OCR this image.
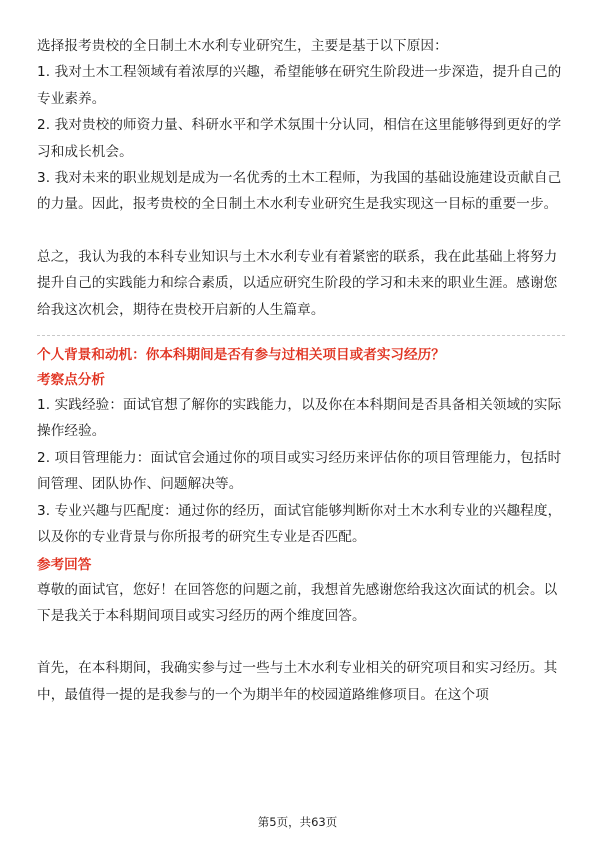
选择报考贵校的全日制土木水利专业研究生，主要是基于以下原因：

1. 我对土木工程领域有着浓厚的兴趣，希望能够在研究生阶段进一步深造，提升自己的专业素养。

2. 我对贵校的师资力量、科研水平和学术氛围十分认同，相信在这里能够得到更好的学习和成长机会。

3. 我对未来的职业规划是成为一名优秀的土木工程师，为我国的基础设施建设贡献自己的力量。因此，报考贵校的全日制土木水利专业研究生是我实现这一目标的重要一步。

总之，我认为我的本科专业知识与土木水利专业有着紧密的联系，我在此基础上将努力提升自己的实践能力和综合素质，以适应研究生阶段的学习和未来的职业生涯。感谢您给我这次机会，期待在贵校开启新的人生篇章。

个人背景和动机：你本科期间是否有参与过相关项目或者实习经历？

考察点分析

1. 实践经验：面试官想了解你的实践能力，以及你在本科期间是否具备相关领域的实际操作经验。

2. 项目管理能力：面试官会通过你的项目或实习经历来评估你的项目管理能力，包括时间管理、团队协作、问题解决等。

3. 专业兴趣与匹配度：通过你的经历，面试官能够判断你对土木水利专业的兴趣程度，以及你的专业背景与你所报考的研究生专业是否匹配。

参考回答

尊敬的面试官，您好！在回答您的问题之前，我想首先感谢您给我这次面试的机会。以下是我关于本科期间项目或实习经历的两个维度回答。

首先，在本科期间，我确实参与过一些与土木水利专业相关的研究项目和实习经历。其中，最值得一提的是我参与的一个为期半年的校园道路维修项目。在这个项

第5页，共63页
